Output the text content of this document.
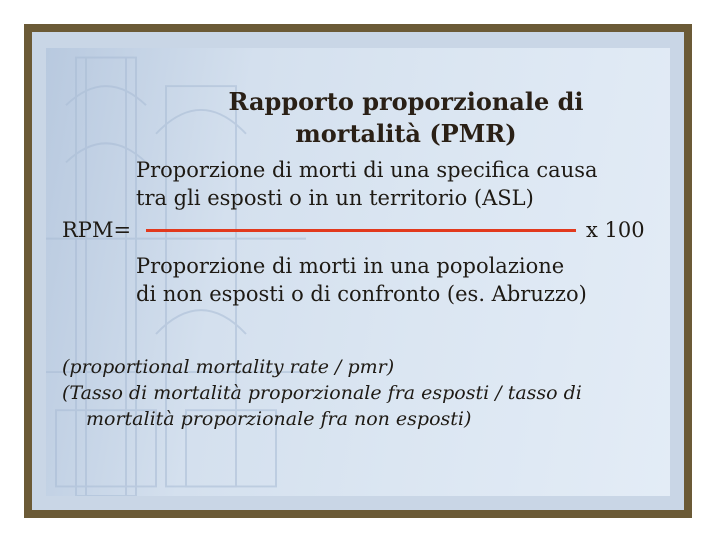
Rapporto proporzionale di
mortalità (PMR)
Proporzione di morti di una specifica causa
tra gli esposti o in un territorio (ASL)
RPM=	x 100
Proporzione di morti in una popolazione
di non esposti o di confronto (es. Abruzzo)
(proportional mortality rate / pmr)
(Tasso di mortalità proporzionale fra esposti / tasso di
mortalità proporzionale fra non esposti)
